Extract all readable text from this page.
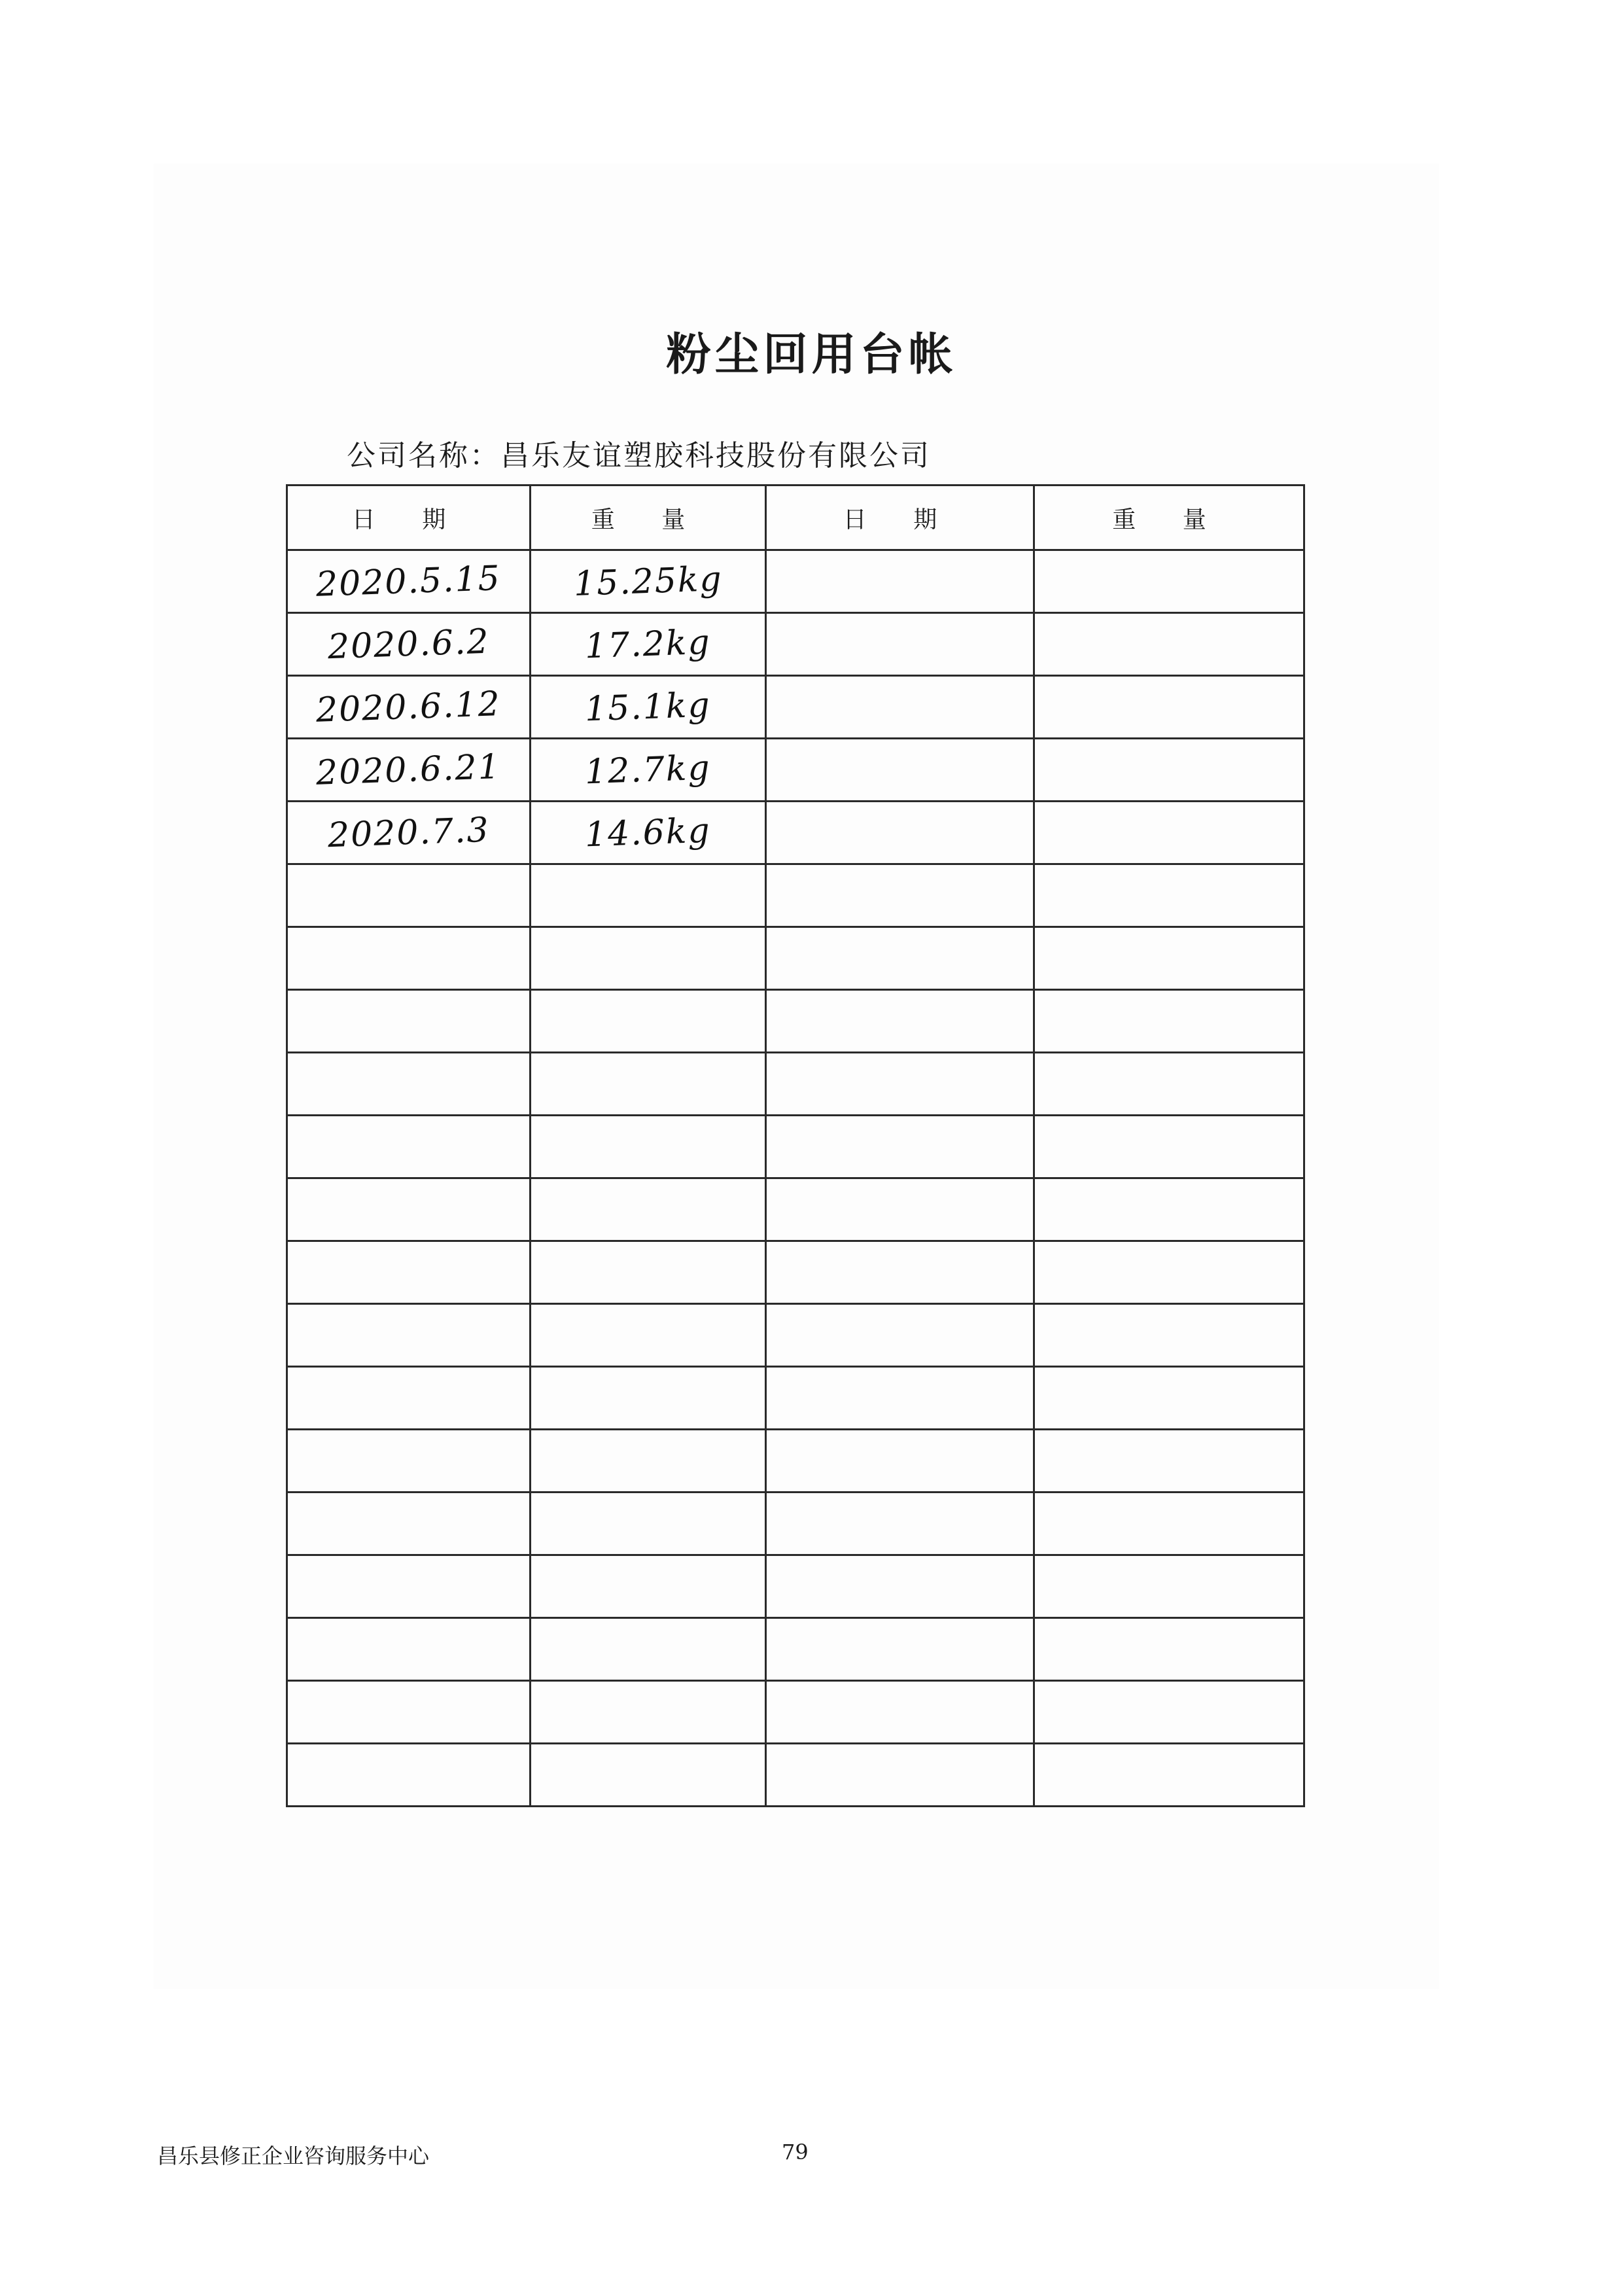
粉尘回用台帐
公司名称：昌乐友谊塑胶科技股份有限公司
日 期	重 量	日 期	重 量
2020.5.15	15.25kg		
2020.6.2	17.2kg		
2020.6.12	15.1kg		
2020.6.21	12.7kg		
2020.7.3	14.6kg		

昌乐县修正企业咨询服务中心	79
